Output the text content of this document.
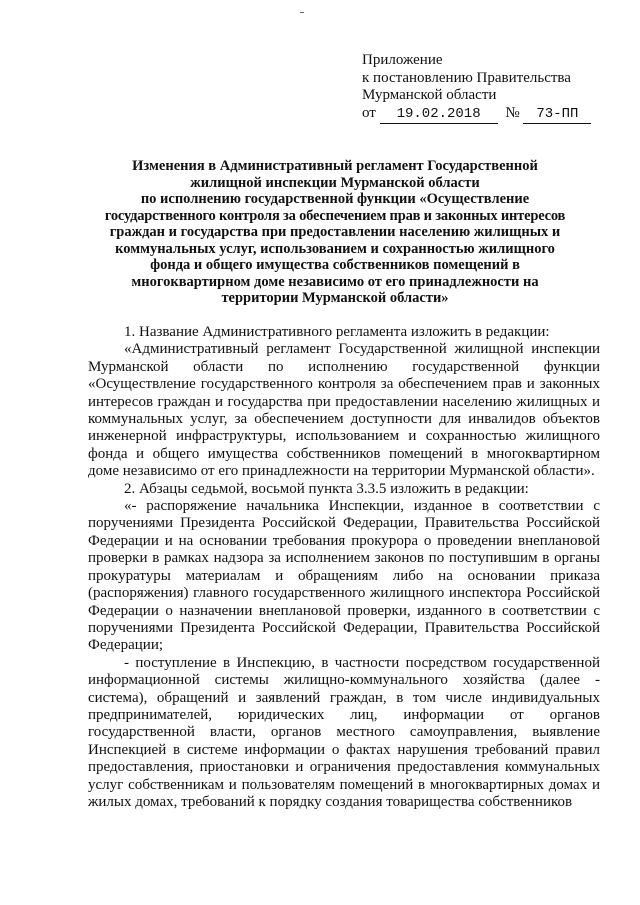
Приложение
к постановлению Правительства
Мурманской области
от 19.02.2018 № 73-ПП
Изменения в Административный регламент Государственной
жилищной инспекции Мурманской области
по исполнению государственной функции «Осуществление
государственного контроля за обеспечением прав и законных интересов
граждан и государства при предоставлении населению жилищных и
коммунальных услуг, использованием и сохранностью жилищного
фонда и общего имущества собственников помещений в
многоквартирном доме независимо от его принадлежности на
территории Мурманской области»

1. Название Административного регламента изложить в редакции:

«Административный регламент Государственной жилищной инспекции Мурманской области по исполнению государственной функции «Осуществление государственного контроля за обеспечением прав и законных интересов граждан и государства при предоставлении населению жилищных и коммунальных услуг, за обеспечением доступности для инвалидов объектов инженерной инфраструктуры, использованием и сохранностью жилищного фонда и общего имущества собственников помещений в многоквартирном доме независимо от его принадлежности на территории Мурманской области».

2. Абзацы седьмой, восьмой пункта 3.3.5 изложить в редакции:

«- распоряжение начальника Инспекции, изданное в соответствии с поручениями Президента Российской Федерации, Правительства Российской Федерации и на основании требования прокурора о проведении внеплановой проверки в рамках надзора за исполнением законов по поступившим в органы прокуратуры материалам и обращениям либо на основании приказа (распоряжения) главного государственного жилищного инспектора Российской Федерации о назначении внеплановой проверки, изданного в соответствии с поручениями Президента Российской Федерации, Правительства Российской Федерации;

- поступление в Инспекцию, в частности посредством государственной информационной системы жилищно-коммунального хозяйства (далее - система), обращений и заявлений граждан, в том числе индивидуальных предпринимателей, юридических лиц, информации от органов государственной власти, органов местного самоуправления, выявление Инспекцией в системе информации о фактах нарушения требований правил предоставления, приостановки и ограничения предоставления коммунальных услуг собственникам и пользователям помещений в многоквартирных домах и жилых домах, требований к порядку создания товарищества собственников
